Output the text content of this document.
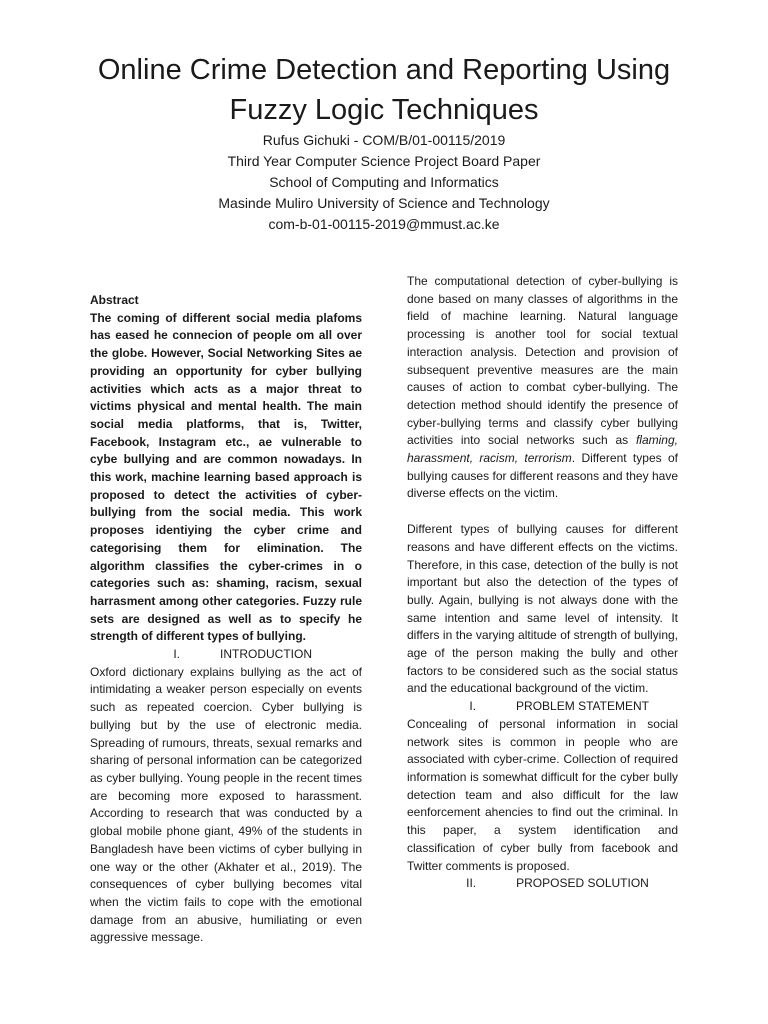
Online Crime Detection and Reporting Using Fuzzy Logic Techniques

Rufus Gichuki - COM/B/01-00115/2019

Third Year Computer Science Project Board Paper

School of Computing and Informatics

Masinde Muliro University of Science and Technology

com-b-01-00115-2019@mmust.ac.ke

Abstract

The coming of different social media plafoms has eased he connecion of people om all over the globe. However, Social Networking Sites ae providing an opportunity for cyber bullying activities which acts as a major threat to victims physical and mental health. The main social media platforms, that is, Twitter, Facebook, Instagram etc., ae vulnerable to cybe bullying and are common nowadays. In this work, machine learning based approach is proposed to detect the activities of cyber-bullying from the social media. This work proposes identiying the cyber crime and categorising them for elimination. The algorithm classifies the cyber-crimes in o categories such as: shaming, racism, sexual harrasment among other categories. Fuzzy rule sets are designed as well as to specify he strength of different types of bullying.

I.	INTRODUCTION

Oxford dictionary explains bullying as the act of intimidating a weaker person especially on events such as repeated coercion. Cyber bullying is bullying but by the use of electronic media. Spreading of rumours, threats, sexual remarks and sharing of personal information can be categorized as cyber bullying. Young people in the recent times are becoming more exposed to harassment. According to research that was conducted by a global mobile phone giant, 49% of the students in Bangladesh have been victims of cyber bullying in one way or the other (Akhater et al., 2019). The consequences of cyber bullying becomes vital when the victim fails to cope with the emotional damage from an abusive, humiliating or even aggressive message.

The computational detection of cyber-bullying is done based on many classes of algorithms in the field of machine learning. Natural language processing is another tool for social textual interaction analysis. Detection and provision of subsequent preventive measures are the main causes of action to combat cyber-bullying. The detection method should identify the presence of cyber-bullying terms and classify cyber bullying activities into social networks such as flaming, harassment, racism, terrorism. Different types of bullying causes for different reasons and they have diverse effects on the victim.

Different types of bullying causes for different reasons and have different effects on the victims. Therefore, in this case, detection of the bully is not important but also the detection of the types of bully. Again, bullying is not always done with the same intention and same level of intensity. It differs in the varying altitude of strength of bullying, age of the person making the bully and other factors to be considered such as the social status and the educational background of the victim.

I.	PROBLEM STATEMENT

Concealing of personal information in social network sites is common in people who are associated with cyber-crime. Collection of required information is somewhat difficult for the cyber bully detection team and also difficult for the law eenforcement ahencies to find out the criminal. In this paper, a system identification and classification of cyber bully from facebook and Twitter comments is proposed.

II.	PROPOSED SOLUTION
